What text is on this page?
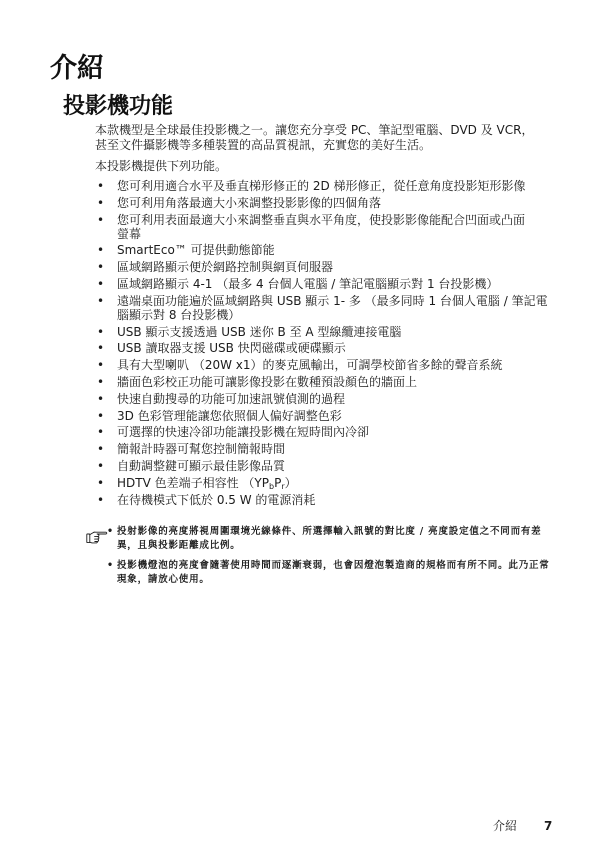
介紹
投影機功能
本款機型是全球最佳投影機之一。讓您充分享受 PC、筆記型電腦、DVD 及 VCR，
甚至文件攝影機等多種裝置的高品質視訊，充實您的美好生活。
本投影機提供下列功能。
•	您可利用適合水平及垂直梯形修正的 2D 梯形修正，從任意角度投影矩形影像
•	您可利用角落最適大小來調整投影影像的四個角落
•	您可利用表面最適大小來調整垂直與水平角度，使投影影像能配合凹面或凸面
螢幕
•	SmartEco™ 可提供動態節能
•	區域網路顯示便於網路控制與網頁伺服器
•	區域網路顯示 4-1 （最多 4 台個人電腦 / 筆記電腦顯示對 1 台投影機）
•	遠端桌面功能遍於區域網路與 USB 顯示 1- 多 （最多同時 1 台個人電腦 / 筆記電
腦顯示對 8 台投影機）
•	USB 顯示支援透過 USB 迷你 B 至 A 型線纜連接電腦
•	USB 讀取器支援 USB 快閃磁碟或硬碟顯示
•	具有大型喇叭 （20W x1）的麥克風輸出，可調學校節省多餘的聲音系統
•	牆面色彩校正功能可讓影像投影在數種預設顏色的牆面上
•	快速自動搜尋的功能可加速訊號偵測的過程
•	3D 色彩管理能讓您依照個人偏好調整色彩
•	可選擇的快速冷卻功能讓投影機在短時間內冷卻
•	簡報計時器可幫您控制簡報時間
•	自動調整鍵可顯示最佳影像品質
•	HDTV 色差端子相容性 $(YP_bP_r)$
•	在待機模式下低於 0.5 W 的電源消耗
• 投射影像的亮度將視周圍環境光線條件、所選擇輸入訊號的對比度 / 亮度設定值之不同而有差
異，且與投影距離成比例。
• 投影機燈泡的亮度會隨著使用時間而逐漸衰弱，也會因燈泡製造商的規格而有所不同。此乃正常
現象，請放心使用。
介紹 7
